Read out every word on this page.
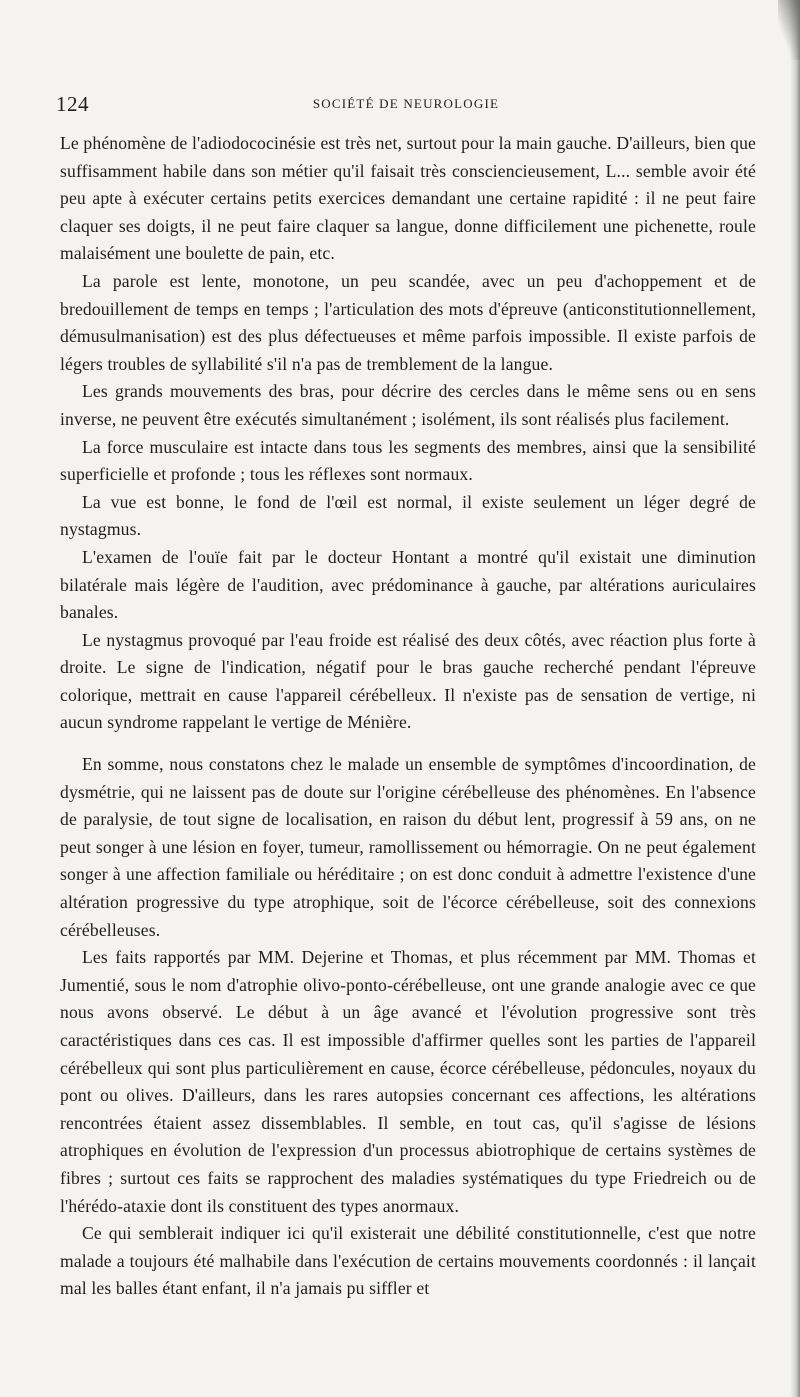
124	SOCIÉTÉ DE NEUROLOGIE

Le phénomène de l'adiodococinésie est très net, surtout pour la main gauche. D'ailleurs, bien que suffisamment habile dans son métier qu'il faisait très consciencieusement, L... semble avoir été peu apte à exécuter certains petits exercices demandant une certaine rapidité : il ne peut faire claquer ses doigts, il ne peut faire claquer sa langue, donne difficilement une pichenette, roule malaisément une boulette de pain, etc.

La parole est lente, monotone, un peu scandée, avec un peu d'achoppement et de bredouillement de temps en temps ; l'articulation des mots d'épreuve (anticonstitutionnellement, démusulmanisation) est des plus défectueuses et même parfois impossible. Il existe parfois de légers troubles de syllabilité s'il n'a pas de tremblement de la langue.

Les grands mouvements des bras, pour décrire des cercles dans le même sens ou en sens inverse, ne peuvent être exécutés simultanément ; isolément, ils sont réalisés plus facilement.

La force musculaire est intacte dans tous les segments des membres, ainsi que la sensibilité superficielle et profonde ; tous les réflexes sont normaux.

La vue est bonne, le fond de l'œil est normal, il existe seulement un léger degré de nystagmus.

L'examen de l'ouïe fait par le docteur Hontant a montré qu'il existait une diminution bilatérale mais légère de l'audition, avec prédominance à gauche, par altérations auriculaires banales.

Le nystagmus provoqué par l'eau froide est réalisé des deux côtés, avec réaction plus forte à droite. Le signe de l'indication, négatif pour le bras gauche recherché pendant l'épreuve colorique, mettrait en cause l'appareil cérébelleux. Il n'existe pas de sensation de vertige, ni aucun syndrome rappelant le vertige de Ménière.

En somme, nous constatons chez le malade un ensemble de symptômes d'incoordination, de dysmétrie, qui ne laissent pas de doute sur l'origine cérébelleuse des phénomènes. En l'absence de paralysie, de tout signe de localisation, en raison du début lent, progressif à 59 ans, on ne peut songer à une lésion en foyer, tumeur, ramollissement ou hémorragie. On ne peut également songer à une affection familiale ou héréditaire ; on est donc conduit à admettre l'existence d'une altération progressive du type atrophique, soit de l'écorce cérébelleuse, soit des connexions cérébelleuses.

Les faits rapportés par MM. Dejerine et Thomas, et plus récemment par MM. Thomas et Jumentié, sous le nom d'atrophie olivo-ponto-cérébelleuse, ont une grande analogie avec ce que nous avons observé. Le début à un âge avancé et l'évolution progressive sont très caractéristiques dans ces cas. Il est impossible d'affirmer quelles sont les parties de l'appareil cérébelleux qui sont plus particulièrement en cause, écorce cérébelleuse, pédoncules, noyaux du pont ou olives. D'ailleurs, dans les rares autopsies concernant ces affections, les altérations rencontrées étaient assez dissemblables. Il semble, en tout cas, qu'il s'agisse de lésions atrophiques en évolution de l'expression d'un processus abiotrophique de certains systèmes de fibres ; surtout ces faits se rapprochent des maladies systématiques du type Friedreich ou de l'hérédo-ataxie dont ils constituent des types anormaux.

Ce qui semblerait indiquer ici qu'il existerait une débilité constitutionnelle, c'est que notre malade a toujours été malhabile dans l'exécution de certains mouvements coordonnés : il lançait mal les balles étant enfant, il n'a jamais pu siffler et
